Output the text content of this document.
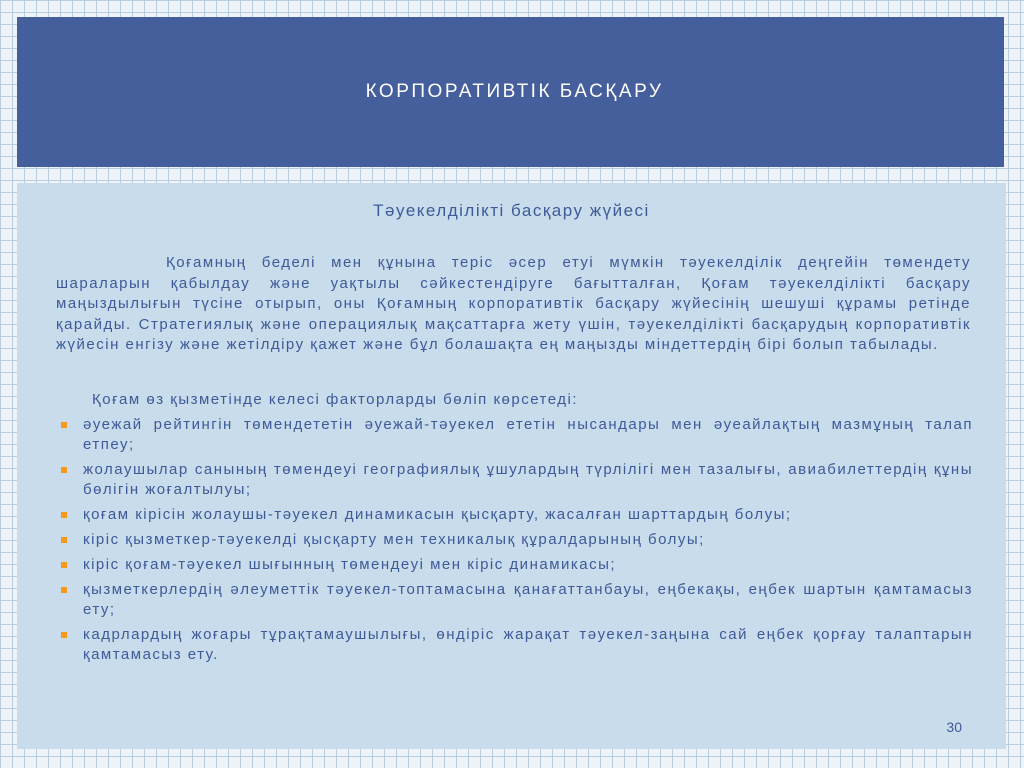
КОРПОРАТИВТІК БАСҚАРУ
Тәуекелділікті басқару жүйесі

Қоғамның беделі мен құнына теріс әсер етуі мүмкін тәуекелділік деңгейін төмендету шараларын қабылдау және уақтылы сәйкестендіруге бағытталған, Қоғам тәуекелділікті басқару маңыздылығын түсіне отырып, оны Қоғамның корпоративтік басқару жүйесінің шешуші құрамы ретінде қарайды. Стратегиялық және операциялық мақсаттарға жету үшін, тәуекелділікті басқарудың корпоративтік жүйесін енгізу және жетілдіру қажет және бұл болашақта ең маңызды міндеттердің бірі болып табылады.

Қоғам өз қызметінде келесі факторларды бөліп көрсетеді:

әуежай рейтингін төмендететін әуежай-тәуекел ететін нысандары мен әуеайлақтың мазмұның талап етпеу;
жолаушылар санының төмендеуі географиялық ұшулардың түрлілігі мен тазалығы, авиабилеттердің құны бөлігін жоғалтылуы;
қоғам кірісін жолаушы-тәуекел динамикасын қысқарту, жасалған шарттардың болуы;
кіріс қызметкер-тәуекелді қысқарту мен техникалық құралдарының болуы;
кіріс қоғам-тәуекел шығынның төмендеуі мен кіріс динамикасы;
қызметкерлердің әлеуметтік тәуекел-топтамасына қанағаттанбауы, еңбекақы, еңбек шартын қамтамасыз ету;
кадрлардың жоғары тұрақтамаушылығы, өндіріс жарақат тәуекел-заңына сай еңбек қорғау талаптарын қамтамасыз ету.
30
